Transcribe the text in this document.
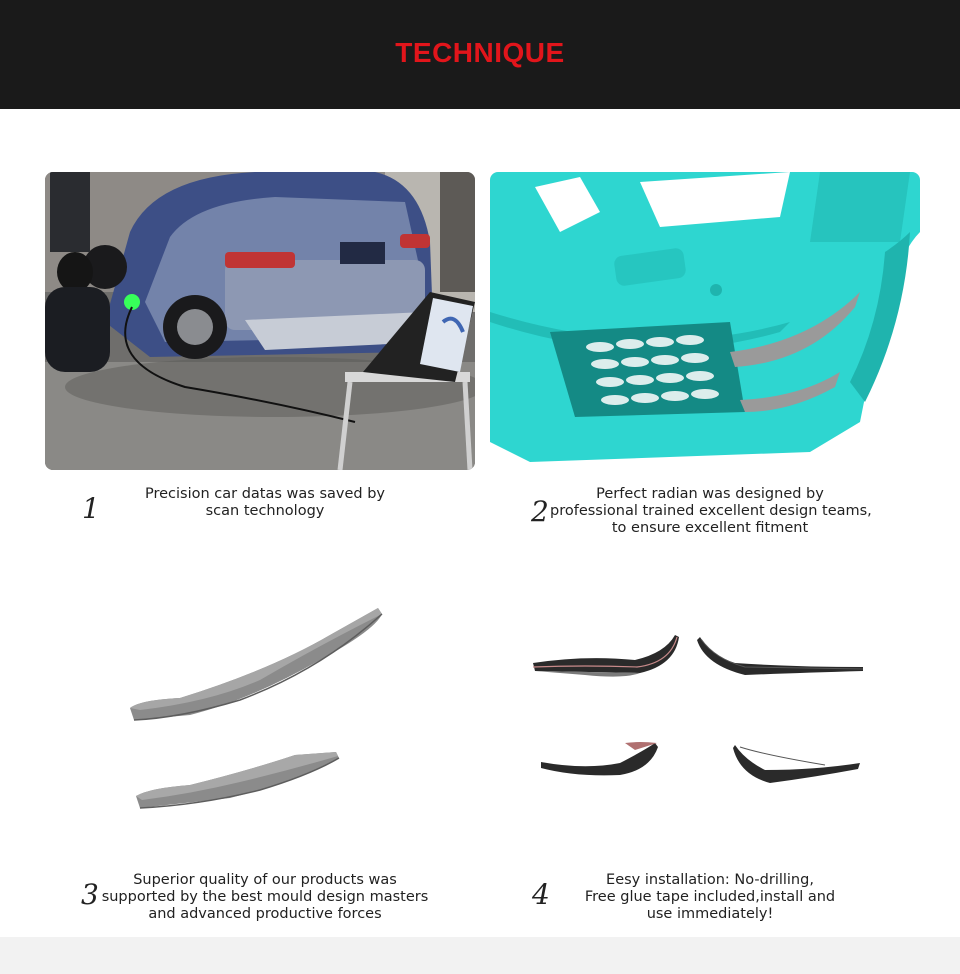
TECHNIQUE
1	2
3	4
Precision car datas was saved by
scan technology
Perfect radian was designed by
professional trained excellent design teams,
to ensure excellent fitment
Superior quality of our products was
supported by the best mould design masters
and advanced productive forces
Eesy installation: No-drilling,
Free glue tape included,install and
use immediately!
